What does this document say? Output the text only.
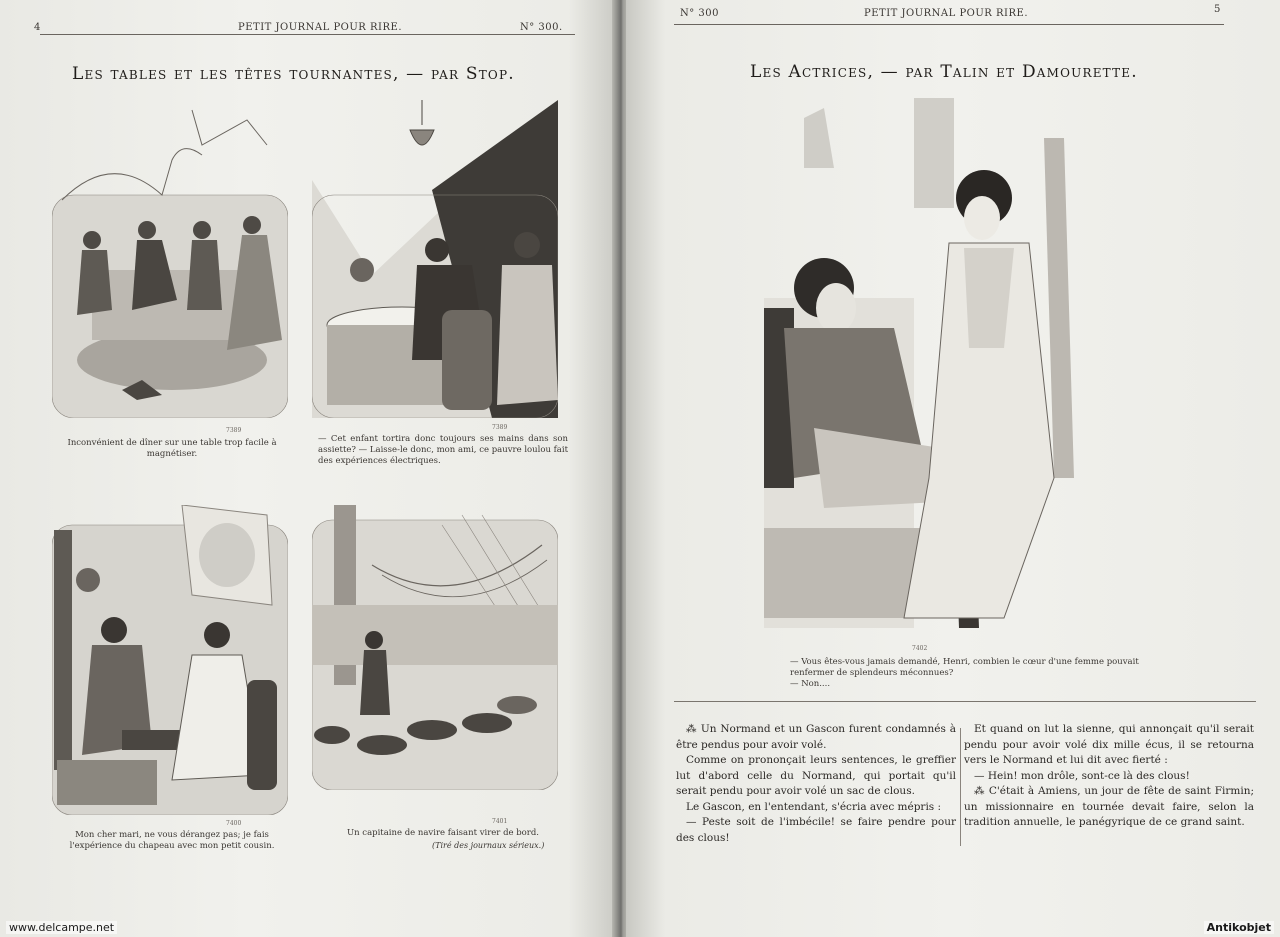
4	PETIT JOURNAL POUR RIRE.	N° 300.
Les tables et les têtes tournantes, — par Stop.
7389
Inconvénient de dîner sur une table trop facile à magnétiser.
7389
— Cet enfant tortira donc toujours ses mains dans son assiette? — Laisse-le donc, mon ami, ce pauvre loulou fait des expériences électriques.
Mon cher mari, ne vous dérangez pas; je fais l'expérience du chapeau avec mon petit cousin.
7400	7401
Un capitaine de navire faisant virer de bord.
(Tiré des journaux sérieux.)
www.delcampe.net
N° 300	PETIT JOURNAL POUR RIRE.	5
Les Actrices, — par Talin et Damourette.
7402
— Vous êtes-vous jamais demandé, Henri, combien le cœur d'une femme pouvait
renfermer de splendeurs méconnues?
— Non....

⁂ Un Normand et un Gascon furent condamnés à être pendus pour avoir volé.

Comme on prononçait leurs sentences, le greffier lut d'abord celle du Normand, qui portait qu'il serait pendu pour avoir volé un sac de clous.

Le Gascon, en l'entendant, s'écria avec mépris :

— Peste soit de l'imbécile! se faire pendre pour des clous!

Et quand on lut la sienne, qui annonçait qu'il serait pendu pour avoir volé dix mille écus, il se retourna vers le Normand et lui dit avec fierté :

— Hein! mon drôle, sont-ce là des clous!

⁂ C'était à Amiens, un jour de fête de saint Firmin; un missionnaire en tournée devait faire, selon la tradition annuelle, le panégyrique de ce grand saint.

Antikobjet
